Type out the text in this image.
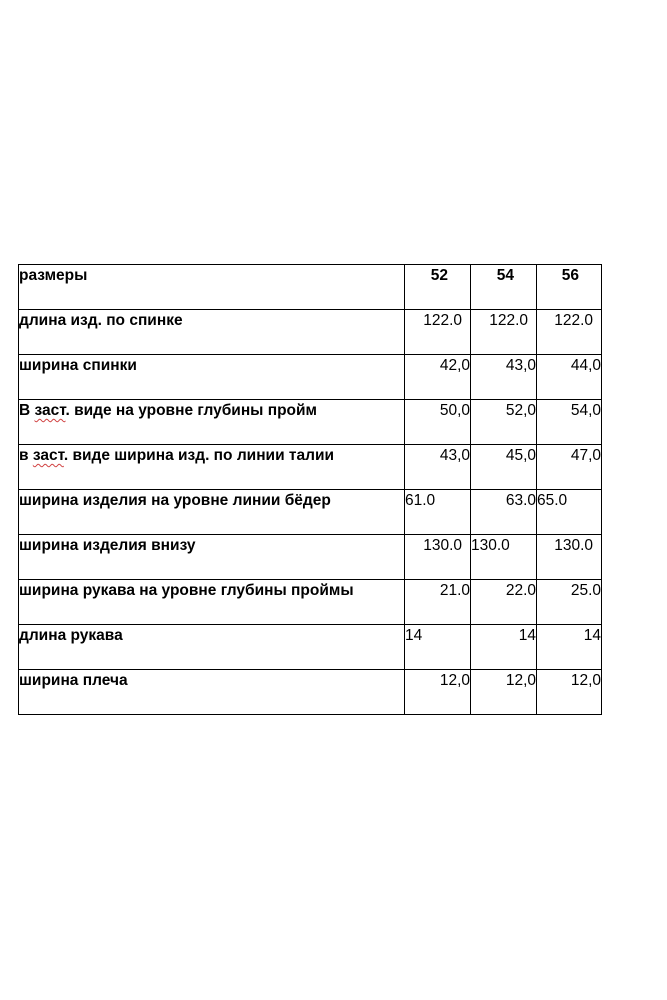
размеры	52	54	56
длина изд. по спинке	122.0	122.0	122.0
ширина спинки	42,0	43,0	44,0
В заст. виде на уровне глубины пройм	50,0	52,0	54,0
в заст. виде ширина изд. по линии талии	43,0	45,0	47,0
ширина изделия на уровне линии бёдер	61.0	63.0	65.0
ширина изделия внизу	130.0	130.0	130.0
ширина рукава на уровне глубины проймы	21.0	22.0	25.0
длина рукава	14	14	14
ширина плеча	12,0	12,0	12,0
